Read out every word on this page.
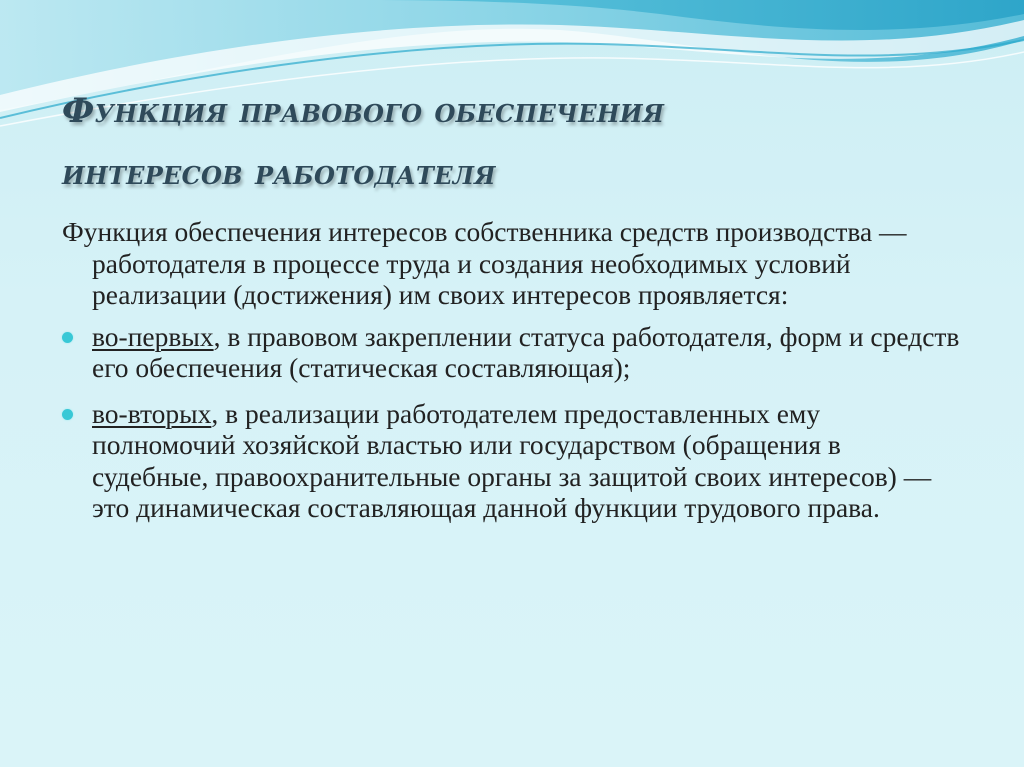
Функция правового обеспечения
интересов работодателя

Функция обеспечения интересов собственника средств производства — работодателя в процессе труда и создания необходимых условий реализации (достижения) им своих интересов проявляется:

во-первых, в правовом закреплении статуса работодателя, форм и средств его обеспечения (статическая составляющая);
во-вторых, в реализации работодателем предоставленных ему полномочий хозяйской властью или государством (обращения в судебные, правоохранительные органы за защитой своих интересов) — это динамическая составляющая данной функции трудового права.
